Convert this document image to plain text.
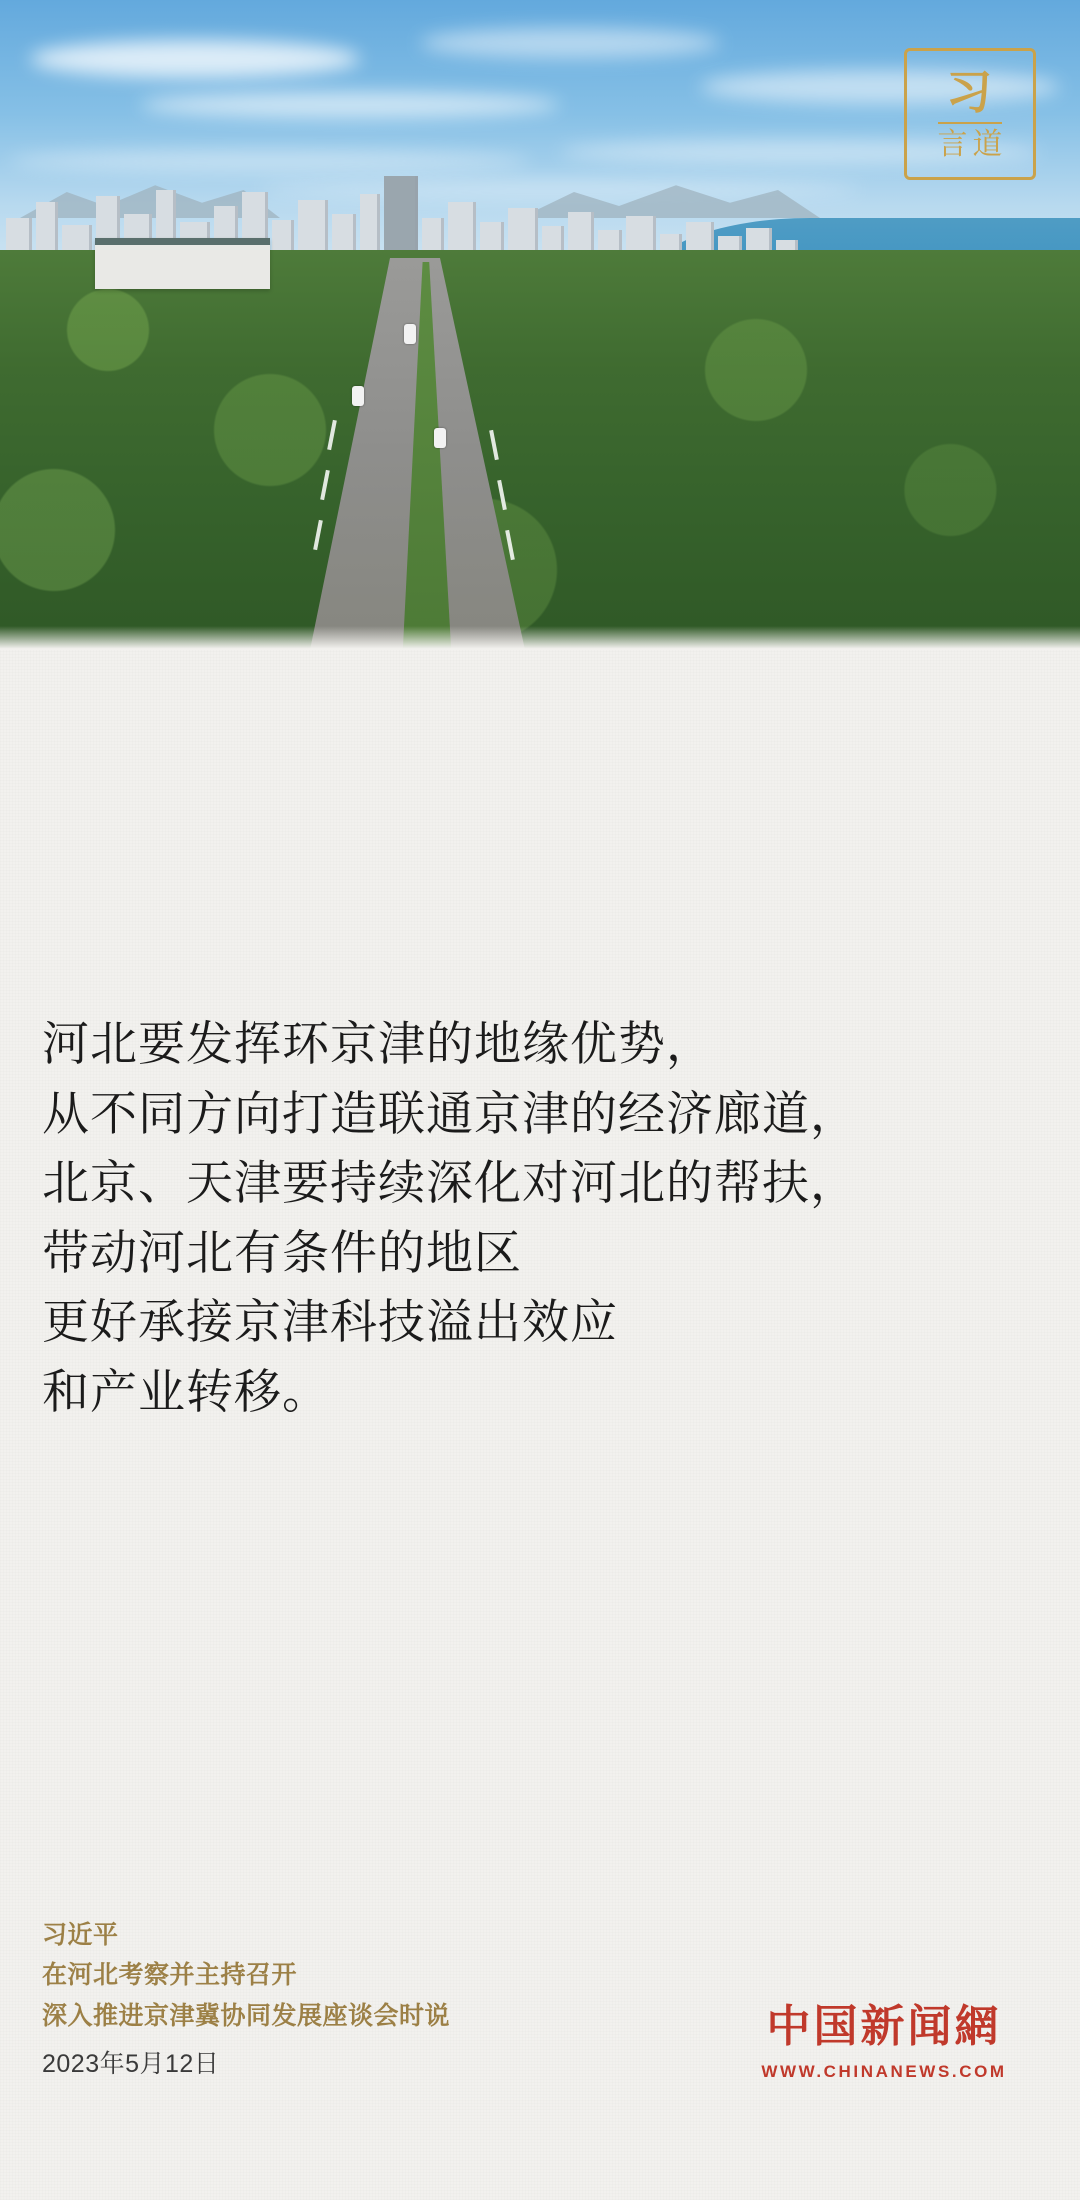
习
言道

河北要发挥环京津的地缘优势，

从不同方向打造联通京津的经济廊道，

北京、天津要持续深化对河北的帮扶，

带动河北有条件的地区

更好承接京津科技溢出效应

和产业转移。

习近平
在河北考察并主持召开
深入推进京津冀协同发展座谈会时说
2023年5月12日
中国新闻網
WWW.CHINANEWS.COM
